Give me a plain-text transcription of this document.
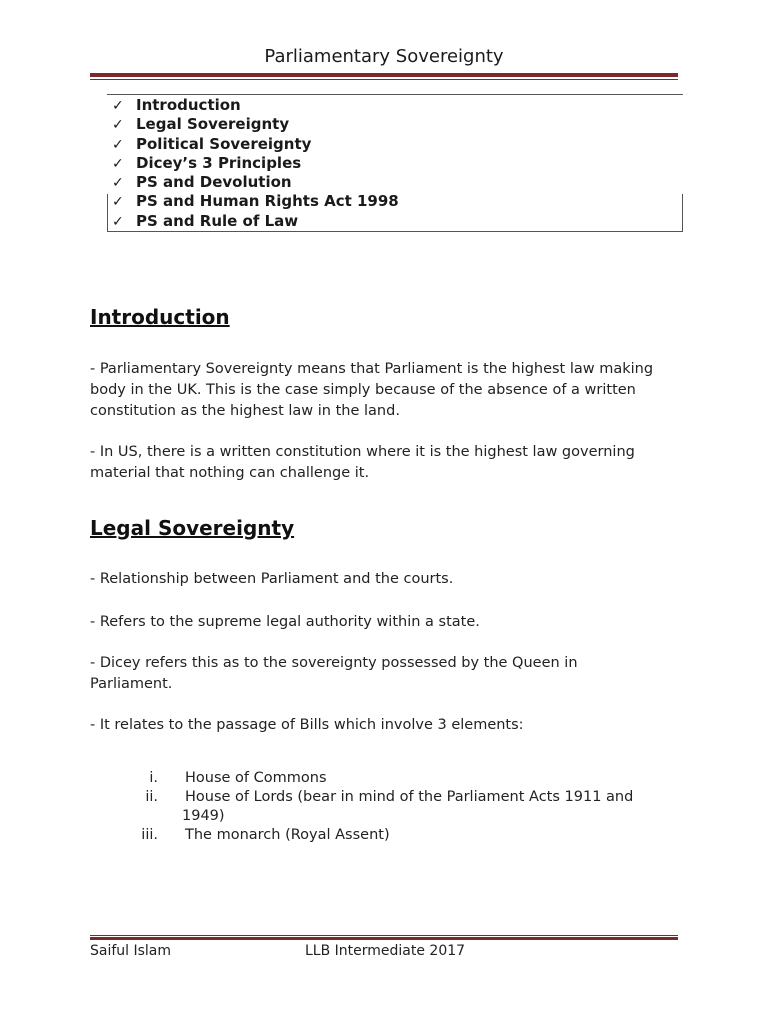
Parliamentary Sovereignty
✓ Introduction
✓ Legal Sovereignty
✓ Political Sovereignty
✓ Dicey’s 3 Principles
✓ PS and Devolution
✓ PS and Human Rights Act 1998
✓ PS and Rule of Law
Introduction

- Parliamentary Sovereignty means that Parliament is the highest law making body in the UK. This is the case simply because of the absence of a written constitution as the highest law in the land.

- In US, there is a written constitution where it is the highest law governing material that nothing can challenge it.

Legal Sovereignty

- Relationship between Parliament and the courts.

- Refers to the supreme legal authority within a state.

- Dicey refers this as to the sovereignty possessed by the Queen in Parliament.

- It relates to the passage of Bills which involve 3 elements:

i. House of Commons
ii. House of Lords (bear in mind of the Parliament Acts 1911 and 1949)
iii. The monarch (Royal Assent)
Saiful Islam	LLB Intermediate 2017
